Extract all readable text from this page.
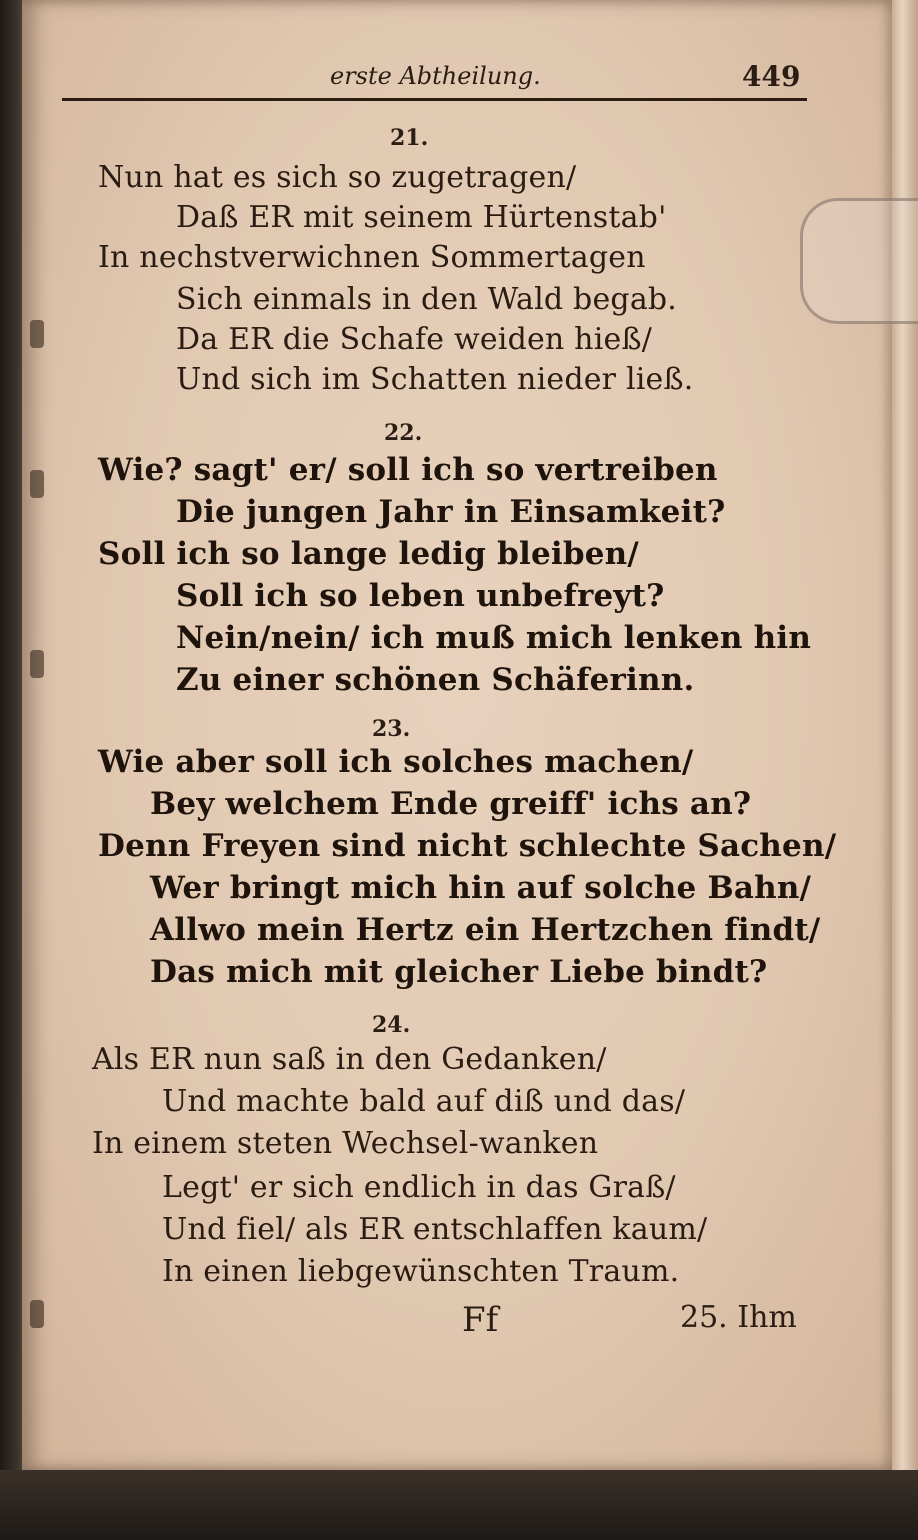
erste Abtheilung.	449
21.
Nun hat es sich so zugetragen/
Daß ER mit seinem Hürtenstab'
In nechstverwichnen Sommertagen
Sich einmals in den Wald begab.
Da ER die Schafe weiden hieß/
Und sich im Schatten nieder ließ.
22.
Wie? sagt' er/ soll ich so vertreiben
Die jungen Jahr in Einsamkeit?
Soll ich so lange ledig bleiben/
Soll ich so leben unbefreyt?
Nein/nein/ ich muß mich lenken hin
Zu einer schönen Schäferinn.
23.
Wie aber soll ich solches machen/
Bey welchem Ende greiff' ichs an?
Denn Freyen sind nicht schlechte Sachen/
Wer bringt mich hin auf solche Bahn/
Allwo mein Hertz ein Hertzchen findt/
Das mich mit gleicher Liebe bindt?
24.
Als ER nun saß in den Gedanken/
Und machte bald auf diß und das/
In einem steten Wechsel-wanken
Legt' er sich endlich in das Graß/
Und fiel/ als ER entschlaffen kaum/
In einen liebgewünschten Traum.
Ff	25. Ihm
